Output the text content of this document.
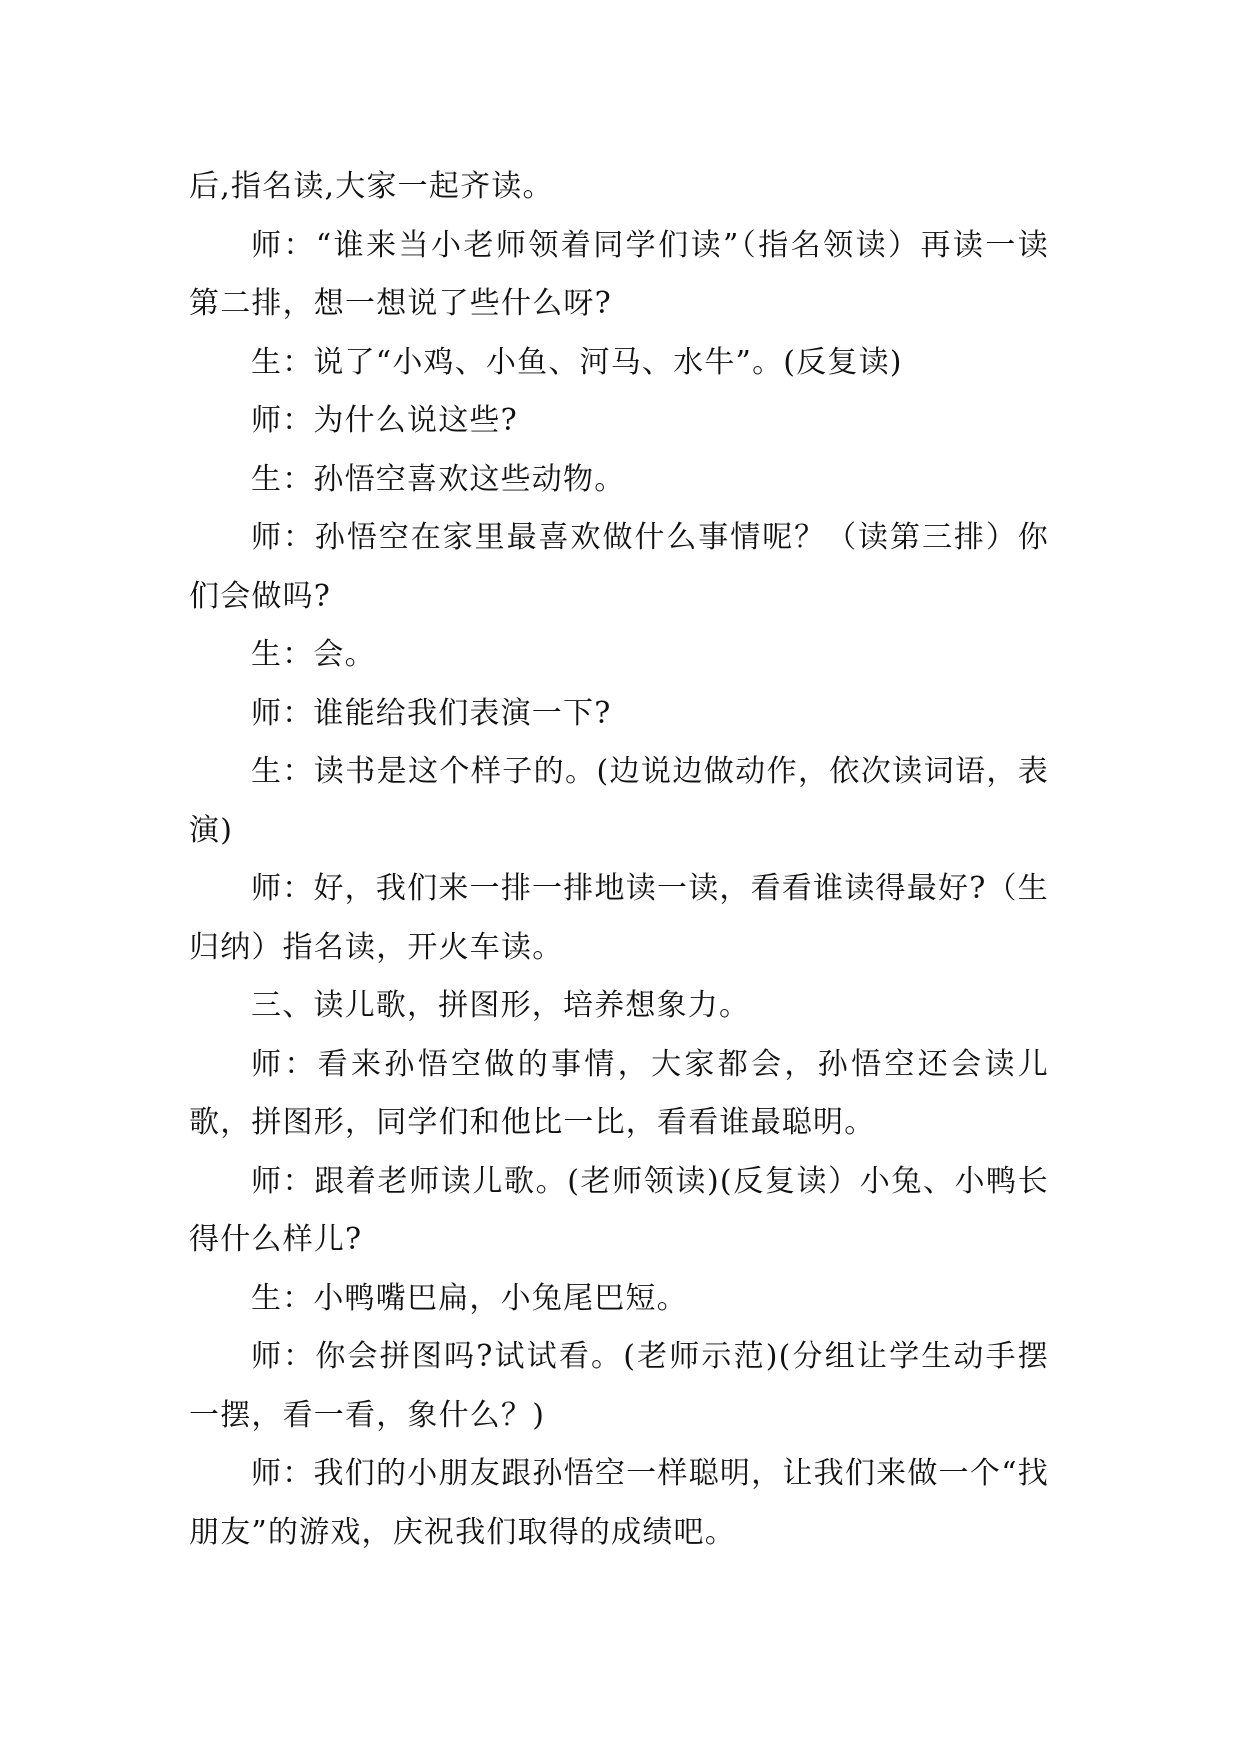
后,指名读,大家一起齐读。

师：“谁来当小老师领着同学们读”（指名领读）再读一读第二排，想一想说了些什么呀?

生：说了“小鸡、小鱼、河马、水牛”。(反复读)

师：为什么说这些?

生：孙悟空喜欢这些动物。

师：孙悟空在家里最喜欢做什么事情呢？（读第三排）你们会做吗?

生：会。

师：谁能给我们表演一下?

生：读书是这个样子的。(边说边做动作，依次读词语，表演)

师：好，我们来一排一排地读一读，看看谁读得最好?（生归纳）指名读，开火车读。

三、读儿歌，拼图形，培养想象力。

师：看来孙悟空做的事情，大家都会，孙悟空还会读儿歌，拼图形，同学们和他比一比，看看谁最聪明。

师：跟着老师读儿歌。(老师领读)(反复读）小兔、小鸭长得什么样儿?

生：小鸭嘴巴扁，小兔尾巴短。

师：你会拼图吗?试试看。(老师示范)(分组让学生动手摆一摆，看一看，象什么？)

师：我们的小朋友跟孙悟空一样聪明，让我们来做一个“找朋友”的游戏，庆祝我们取得的成绩吧。
